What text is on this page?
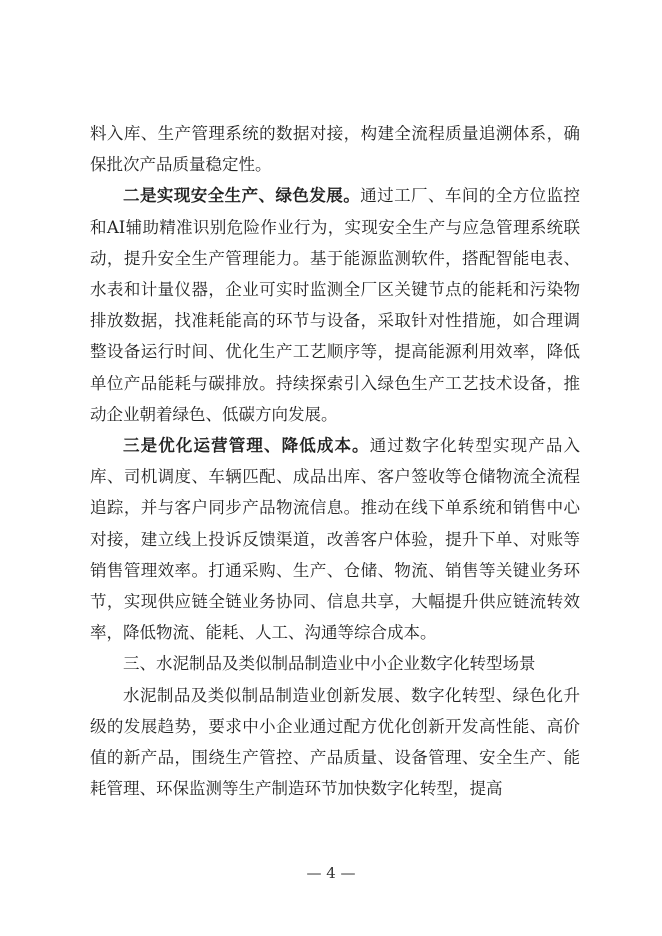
料入库、生产管理系统的数据对接，构建全流程质量追溯体系，确保批次产品质量稳定性。

二是实现安全生产、绿色发展。通过工厂、车间的全方位监控和AI辅助精准识别危险作业行为，实现安全生产与应急管理系统联动，提升安全生产管理能力。基于能源监测软件，搭配智能电表、水表和计量仪器，企业可实时监测全厂区关键节点的能耗和污染物排放数据，找准耗能高的环节与设备，采取针对性措施，如合理调整设备运行时间、优化生产工艺顺序等，提高能源利用效率，降低单位产品能耗与碳排放。持续探索引入绿色生产工艺技术设备，推动企业朝着绿色、低碳方向发展。

三是优化运营管理、降低成本。通过数字化转型实现产品入库、司机调度、车辆匹配、成品出库、客户签收等仓储物流全流程追踪，并与客户同步产品物流信息。推动在线下单系统和销售中心对接，建立线上投诉反馈渠道，改善客户体验，提升下单、对账等销售管理效率。打通采购、生产、仓储、物流、销售等关键业务环节，实现供应链全链业务协同、信息共享，大幅提升供应链流转效率，降低物流、能耗、人工、沟通等综合成本。

三、水泥制品及类似制品制造业中小企业数字化转型场景

水泥制品及类似制品制造业创新发展、数字化转型、绿色化升级的发展趋势，要求中小企业通过配方优化创新开发高性能、高价值的新产品，围绕生产管控、产品质量、设备管理、安全生产、能耗管理、环保监测等生产制造环节加快数字化转型，提高

— 4 —
